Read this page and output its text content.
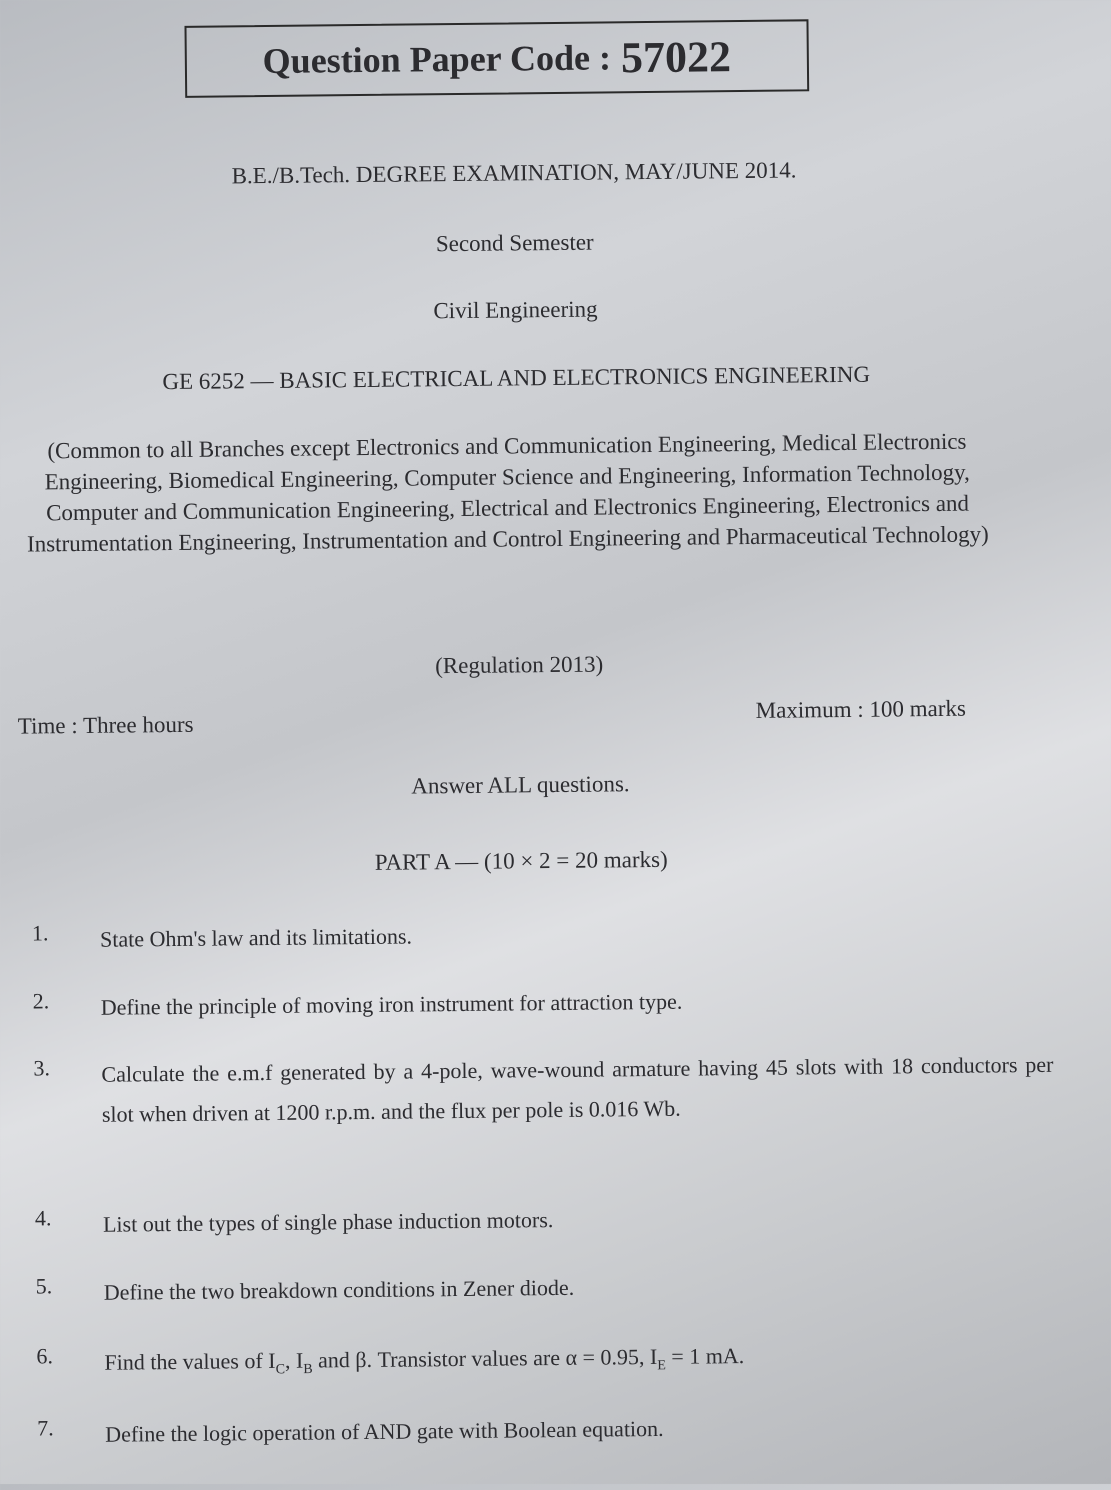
Question Paper Code : 57022
B.E./B.Tech. DEGREE EXAMINATION, MAY/JUNE 2014.
Second Semester
Civil Engineering
GE 6252 — BASIC ELECTRICAL AND ELECTRONICS ENGINEERING
(Common to all Branches except Electronics and Communication Engineering, Medical Electronics Engineering, Biomedical Engineering, Computer Science and Engineering, Information Technology, Computer and Communication Engineering, Electrical and Electronics Engineering, Electronics and Instrumentation Engineering, Instrumentation and Control Engineering and Pharmaceutical Technology)
(Regulation 2013)
Time : Three hours
Maximum : 100 marks
Answer ALL questions.
PART A — (10 × 2 = 20 marks)
1.	State Ohm's law and its limitations.
2.	Define the principle of moving iron instrument for attraction type.
3.	Calculate the e.m.f generated by a 4-pole, wave-wound armature having 45 slots with 18 conductors per slot when driven at 1200 r.p.m. and the flux per pole is 0.016 Wb.
4.	List out the types of single phase induction motors.
5.	Define the two breakdown conditions in Zener diode.
6.	Find the values of $I_C$, $I_B$ and β. Transistor values are α = 0.95, $I_E = 1$ mA.
7.	Define the logic operation of AND gate with Boolean equation.
